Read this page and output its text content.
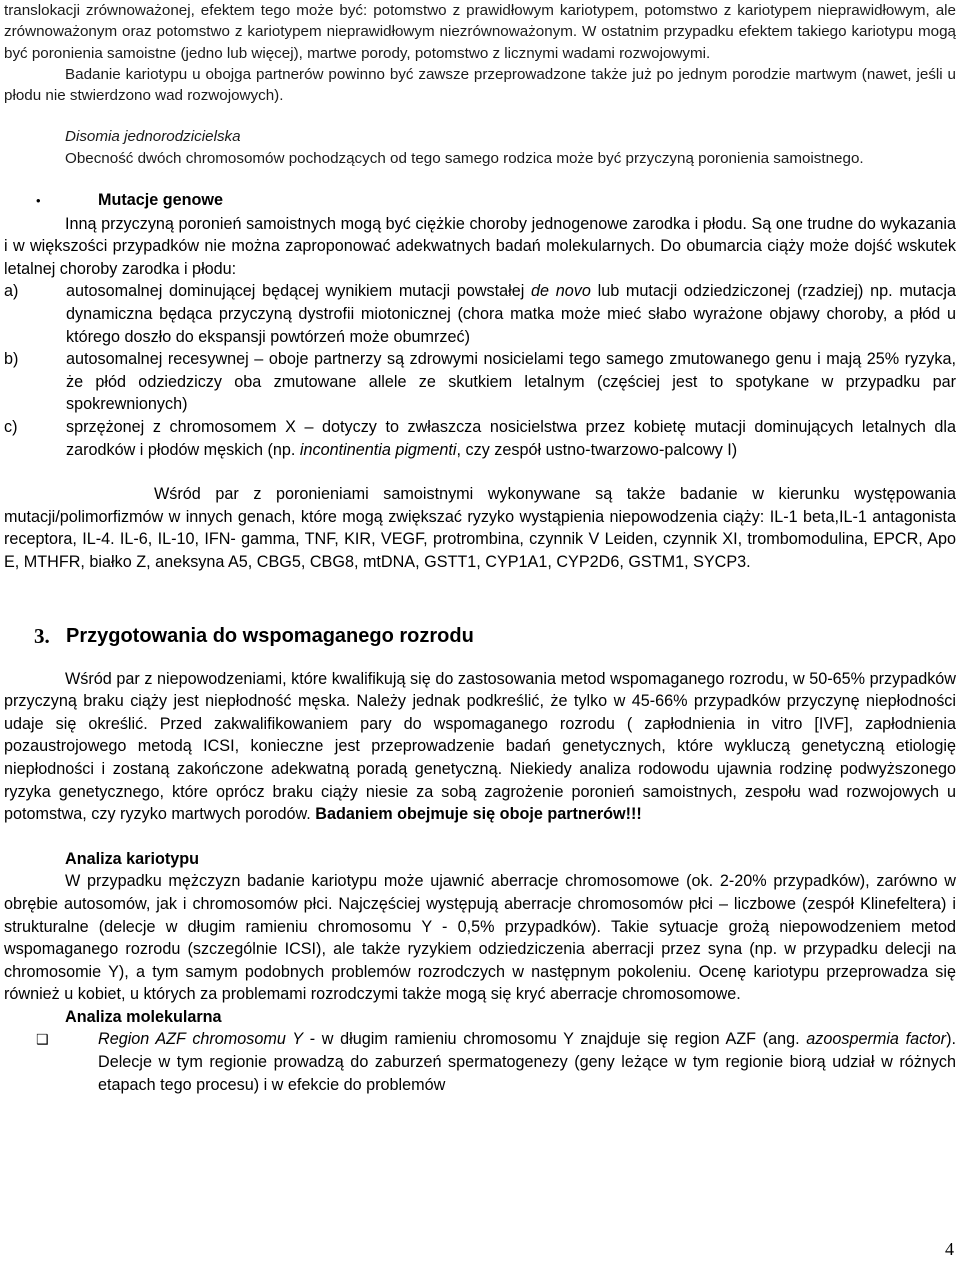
translokacji zrównoważonej, efektem tego może być: potomstwo z prawidłowym kariotypem, potomstwo z kariotypem nieprawidłowym, ale zrównoważonym oraz potomstwo z kariotypem nieprawidłowym niezrównoważonym. W ostatnim przypadku efektem takiego kariotypu mogą być poronienia samoistne (jedno lub więcej), martwe porody, potomstwo z licznymi wadami rozwojowymi.

Badanie kariotypu u obojga partnerów powinno być zawsze przeprowadzone także już po jednym porodzie martwym (nawet, jeśli u płodu nie stwierdzono wad rozwojowych).

Disomia jednorodzicielska

Obecność dwóch chromosomów pochodzących od tego samego rodzica może być przyczyną poronienia samoistnego.

•	Mutacje genowe

Inną przyczyną poronień samoistnych mogą być ciężkie choroby jednogenowe zarodka i płodu. Są one trudne do wykazania i w większości przypadków nie można zaproponować adekwatnych badań molekularnych. Do obumarcia ciąży może dojść wskutek letalnej choroby zarodka i płodu:

a)	autosomalnej dominującej będącej wynikiem mutacji powstałej de novo lub mutacji odziedziczonej (rzadziej) np. mutacja dynamiczna będąca przyczyną dystrofii miotonicznej (chora matka może mieć słabo wyrażone objawy choroby, a płód u którego doszło do ekspansji powtórzeń może obumrzeć)
b)	autosomalnej recesywnej – oboje partnerzy są zdrowymi nosicielami tego samego zmutowanego genu i mają 25% ryzyka, że płód odziedziczy oba zmutowane allele ze skutkiem letalnym (częściej jest to spotykane w przypadku par spokrewnionych)
c)	sprzężonej z chromosomem X – dotyczy to zwłaszcza nosicielstwa przez kobietę mutacji dominujących letalnych dla zarodków i płodów męskich (np. incontinentia pigmenti, czy zespół ustno-twarzowo-palcowy I)

Wśród par z poronieniami samoistnymi wykonywane są także badanie w kierunku występowania mutacji/polimorfizmów w innych genach, które mogą zwiększać ryzyko wystąpienia niepowodzenia ciąży: IL-1 beta,IL-1 antagonista receptora, IL-4. IL-6, IL-10, IFN- gamma, TNF, KIR, VEGF, protrombina, czynnik V Leiden, czynnik XI, trombomodulina, EPCR, Apo E, MTHFR, białko Z, aneksyna A5, CBG5, CBG8, mtDNA, GSTT1, CYP1A1, CYP2D6, GSTM1, SYCP3.

3. Przygotowania do wspomaganego rozrodu

Wśród par z niepowodzeniami, które kwalifikują się do zastosowania metod wspomaganego rozrodu, w 50-65% przypadków przyczyną braku ciąży jest niepłodność męska. Należy jednak podkreślić, że tylko w 45-66% przypadków przyczynę niepłodności udaje się określić. Przed zakwalifikowaniem pary do wspomaganego rozrodu ( zapłodnienia in vitro [IVF], zapłodnienia pozaustrojowego metodą ICSI, konieczne jest przeprowadzenie badań genetycznych, które wykluczą genetyczną etiologię niepłodności i zostaną zakończone adekwatną poradą genetyczną. Niekiedy analiza rodowodu ujawnia rodzinę podwyższonego ryzyka genetycznego, które oprócz braku ciąży niesie za sobą zagrożenie poronień samoistnych, zespołu wad rozwojowych u potomstwa, czy ryzyko martwych porodów. Badaniem obejmuje się oboje partnerów!!!

Analiza kariotypu

W przypadku mężczyzn badanie kariotypu może ujawnić aberracje chromosomowe (ok. 2-20% przypadków), zarówno w obrębie autosomów, jak i chromosomów płci. Najczęściej występują aberracje chromosomów płci – liczbowe (zespół Klinefeltera) i strukturalne (delecje w długim ramieniu chromosomu Y - 0,5% przypadków). Takie sytuacje grożą niepowodzeniem metod wspomaganego rozrodu (szczególnie ICSI), ale także ryzykiem odziedziczenia aberracji przez syna (np. w przypadku delecji na chromosomie Y), a tym samym podobnych problemów rozrodczych w następnym pokoleniu. Ocenę kariotypu przeprowadza się również u kobiet, u których za problemami rozrodczymi także mogą się kryć aberracje chromosomowe.

Analiza molekularna

❑	Region AZF chromosomu Y - w długim ramieniu chromosomu Y znajduje się region AZF (ang. azoospermia factor). Delecje w tym regionie prowadzą do zaburzeń spermatogenezy (geny leżące w tym regionie biorą udział w różnych etapach tego procesu) i w efekcie do problemów
4
